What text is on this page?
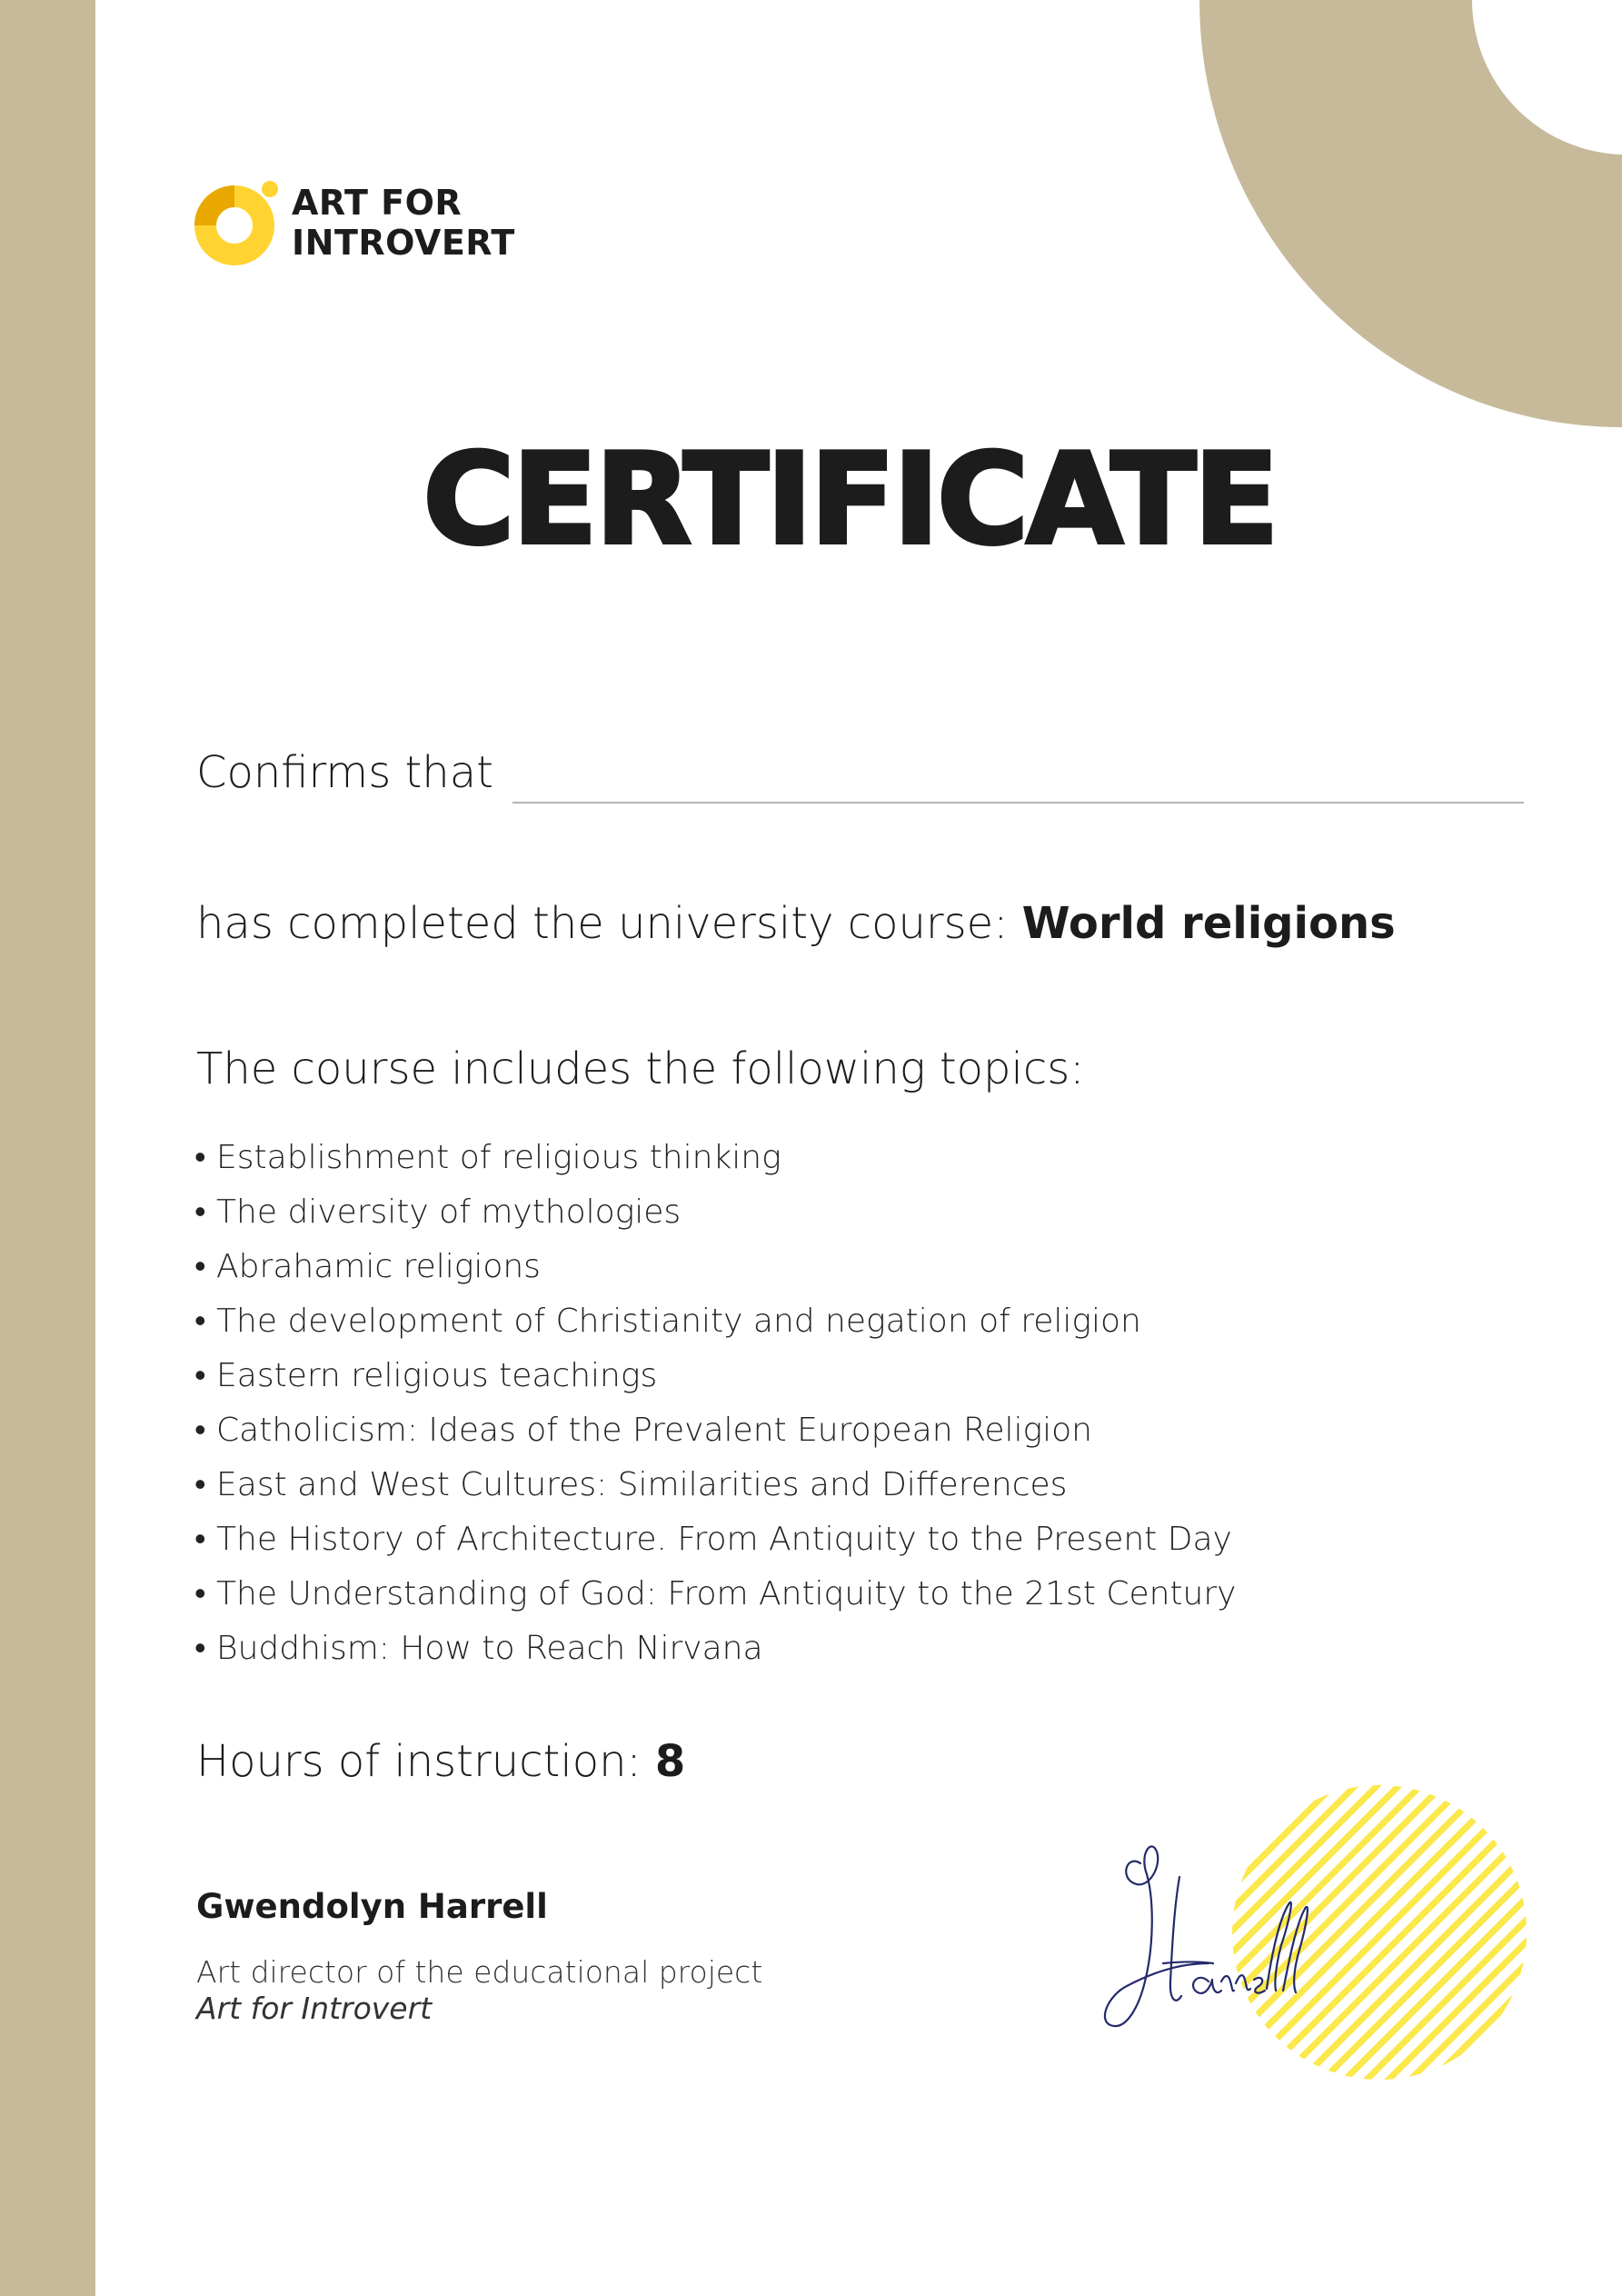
ART FOR
INTROVERT
CERTIFICATE
Confirms that
has completed the university course: World religions
The course includes the following topics:
• Establishment of religious thinking
• The diversity of mythologies
• Abrahamic religions
• The development of Christianity and negation of religion
• Eastern religious teachings
• Catholicism: Ideas of the Prevalent European Religion
• East and West Cultures: Similarities and Differences
• The History of Architecture. From Antiquity to the Present Day
• The Understanding of God: From Antiquity to the 21st Century
• Buddhism: How to Reach Nirvana
Hours of instruction: 8
Gwendolyn Harrell
Art director of the educational project
Art for Introvert
